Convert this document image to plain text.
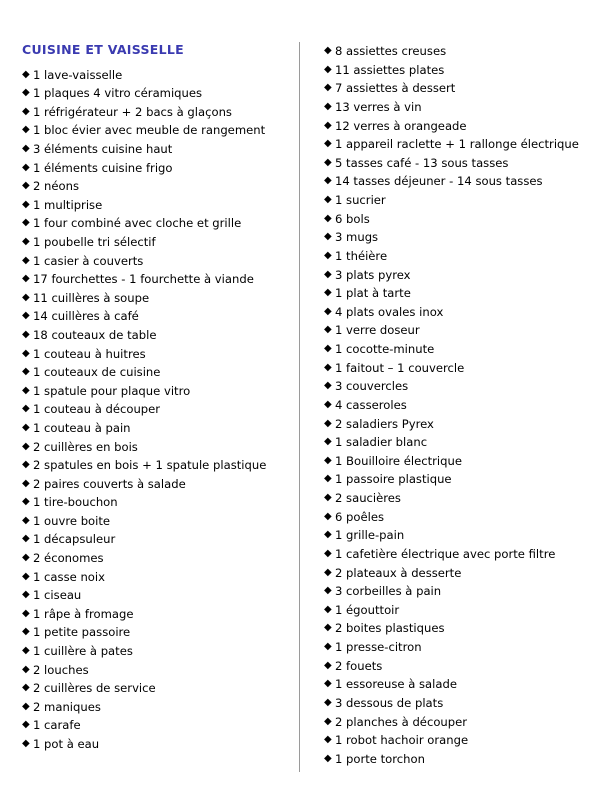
CUISINE ET VAISSELLE
◆ 1 lave-vaisselle
◆ 1 plaques 4 vitro céramiques
◆ 1 réfrigérateur + 2 bacs à glaçons
◆ 1 bloc évier avec meuble de rangement
◆ 3 éléments cuisine haut
◆ 1 éléments cuisine frigo
◆ 2 néons
◆ 1 multiprise
◆ 1 four combiné avec cloche et grille
◆ 1 poubelle tri sélectif
◆ 1 casier à couverts
◆ 17 fourchettes - 1 fourchette à viande
◆ 11 cuillères à soupe
◆ 14 cuillères à café
◆ 18 couteaux de table
◆ 1 couteau à huitres
◆ 1 couteaux de cuisine
◆ 1 spatule pour plaque vitro
◆ 1 couteau à découper
◆ 1 couteau à pain
◆ 2 cuillères en bois
◆ 2 spatules en bois + 1 spatule plastique
◆ 2 paires couverts à salade
◆ 1 tire-bouchon
◆ 1 ouvre boite
◆ 1 décapsuleur
◆ 2 économes
◆ 1 casse noix
◆ 1 ciseau
◆ 1 râpe à fromage
◆ 1 petite passoire
◆ 1 cuillère à pates
◆ 2 louches
◆ 2 cuillères de service
◆ 2 maniques
◆ 1 carafe
◆ 1 pot à eau
◆ 8 assiettes creuses
◆ 11 assiettes plates
◆ 7 assiettes à dessert
◆ 13 verres à vin
◆ 12 verres à orangeade
◆ 1 appareil raclette + 1 rallonge électrique
◆ 5 tasses café - 13 sous tasses
◆ 14 tasses déjeuner - 14 sous tasses
◆ 1 sucrier
◆ 6 bols
◆ 3 mugs
◆ 1 théière
◆ 3 plats pyrex
◆ 1 plat à tarte
◆ 4 plats ovales inox
◆ 1 verre doseur
◆ 1 cocotte-minute
◆ 1 faitout – 1 couvercle
◆ 3 couvercles
◆ 4 casseroles
◆ 2 saladiers Pyrex
◆ 1 saladier blanc
◆ 1 Bouilloire électrique
◆ 1 passoire plastique
◆ 2 saucières
◆ 6 poêles
◆ 1 grille-pain
◆ 1 cafetière électrique avec porte filtre
◆ 2 plateaux à desserte
◆ 3 corbeilles à pain
◆ 1 égouttoir
◆ 2 boites plastiques
◆ 1 presse-citron
◆ 2 fouets
◆ 1 essoreuse à salade
◆ 3 dessous de plats
◆ 2 planches à découper
◆ 1 robot hachoir orange
◆ 1 porte torchon
